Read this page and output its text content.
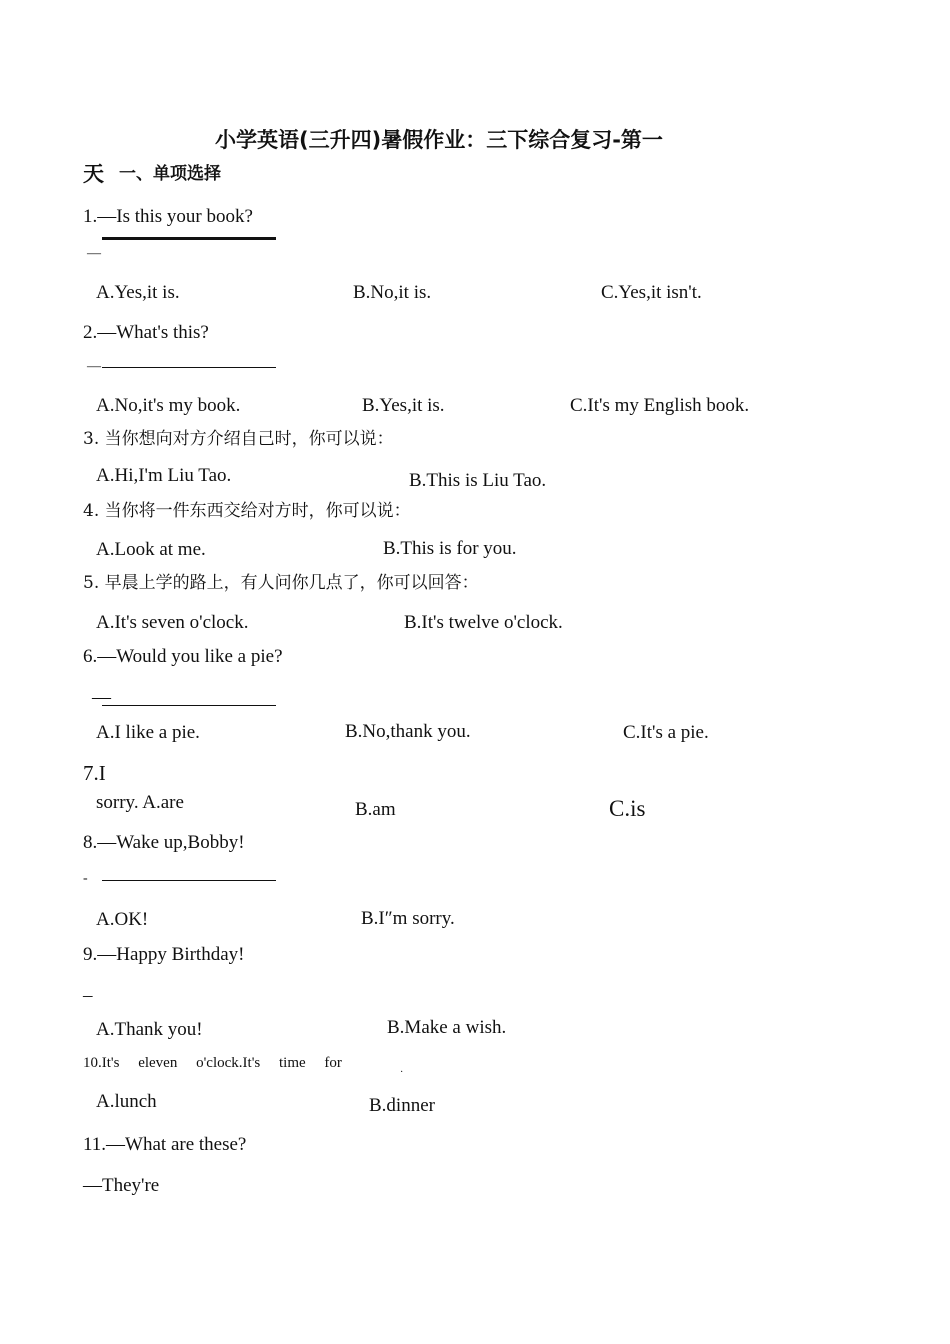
小学英语(三升四)暑假作业：三下综合复习-第一
天 一、单项选择
1.—Is this your book?
—
A.Yes,it is.	B.No,it is.	C.Yes,it isn't.
2.—What's this?
—
A.No,it's my book.	B.Yes,it is.	C.It's my English book.
3. 当你想向对方介绍自己时，你可以说：
A.Hi,I'm Liu Tao.	B.This is Liu Tao.
4. 当你将一件东西交给对方时，你可以说：
A.Look at me.	B.This is for you.
5. 早晨上学的路上，有人问你几点了，你可以回答：
A.It's seven o'clock.	B.It's twelve o'clock.
6.—Would you like a pie?
—
A.I like a pie.	B.No,thank you.	C.It's a pie.
7.I
sorry. A.are	B.am	C.is
8.—Wake up,Bobby!
-
A.OK!	B.I″m sorry.
9.—Happy Birthday!
–
A.Thank you!	B.Make a wish.
10.It's     eleven     o'clock.It's     time     for
·
A.lunch	B.dinner
11.—What are these?
—They're
